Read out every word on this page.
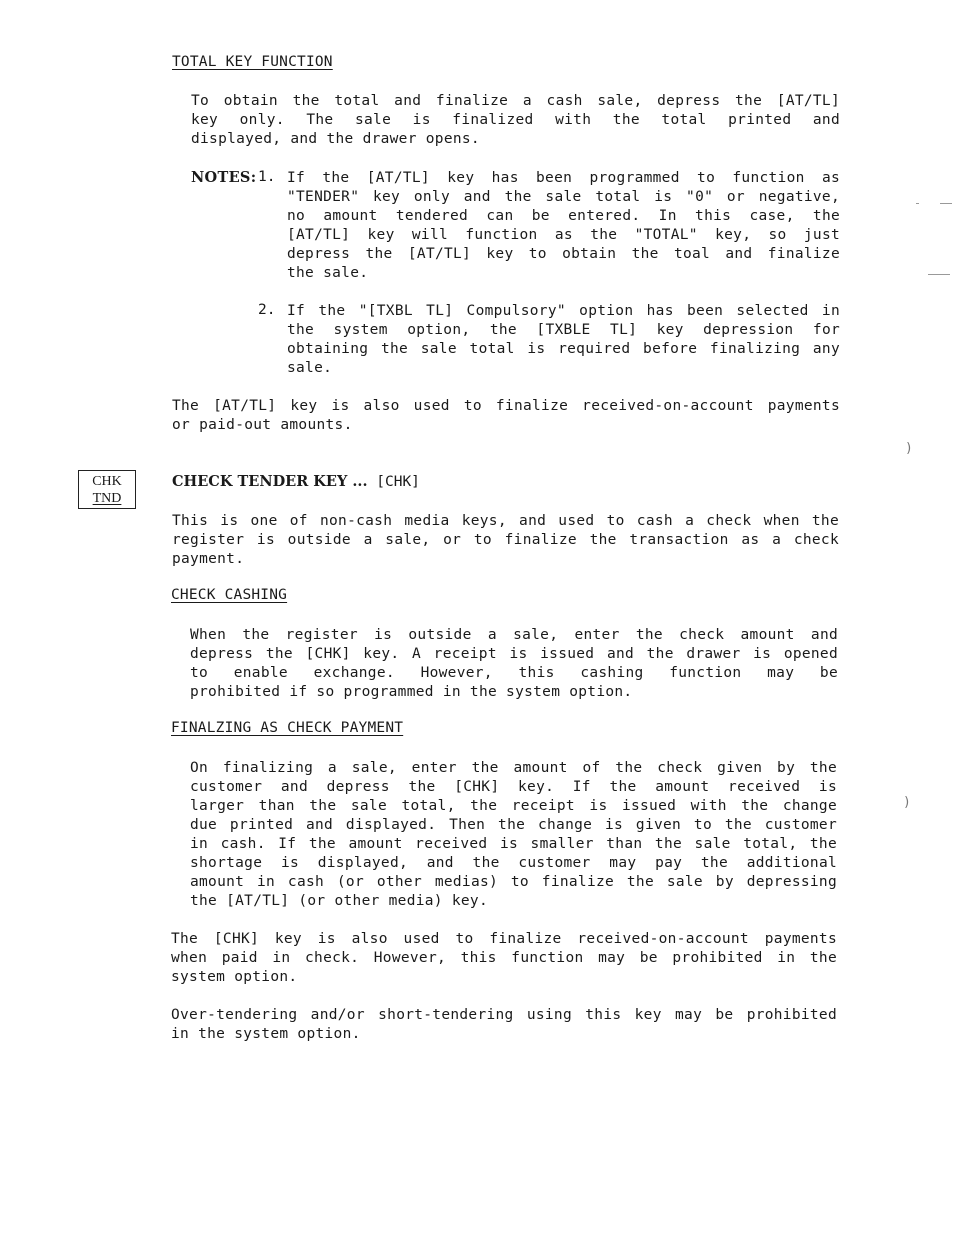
TOTAL KEY FUNCTION
To obtain the total and finalize a cash sale, depress the [AT/TL]
key only. The sale is finalized with the total printed and
displayed, and the drawer opens.
NOTES: 1. If the [AT/TL] key has been programmed to function as
"TENDER" key only and the sale total is "0" or negative,
no amount tendered can be entered. In this case, the
[AT/TL] key will function as the "TOTAL" key, so just
depress the [AT/TL] key to obtain the toal and finalize
the sale.
2. If the "[TXBL TL] Compulsory" option has been selected in
the system option, the [TXBLE TL] key depression for
obtaining the sale total is required before finalizing any
sale.
The [AT/TL] key is also used to finalize received-on-account payments
or paid-out amounts.
CHK
TND
CHECK TENDER KEY ... [CHK]
This is one of non-cash media keys, and used to cash a check when the
register is outside a sale, or to finalize the transaction as a check
payment.
CHECK CASHING
When the register is outside a sale, enter the check amount and
depress the [CHK] key. A receipt is issued and the drawer is opened
to enable exchange. However, this cashing function may be
prohibited if so programmed in the system option.
FINALZING AS CHECK PAYMENT
On finalizing a sale, enter the amount of the check given by the
customer and depress the [CHK] key. If the amount received is
larger than the sale total, the receipt is issued with the change
due printed and displayed. Then the change is given to the customer
in cash. If the amount received is smaller than the sale total, the
shortage is displayed, and the customer may pay the additional
amount in cash (or other medias) to finalize the sale by depressing
the [AT/TL] (or other media) key.
The [CHK] key is also used to finalize received-on-account payments
when paid in check. However, this function may be prohibited in the
system option.
Over-tendering and/or short-tendering using this key may be prohibited
in the system option.
)
)
